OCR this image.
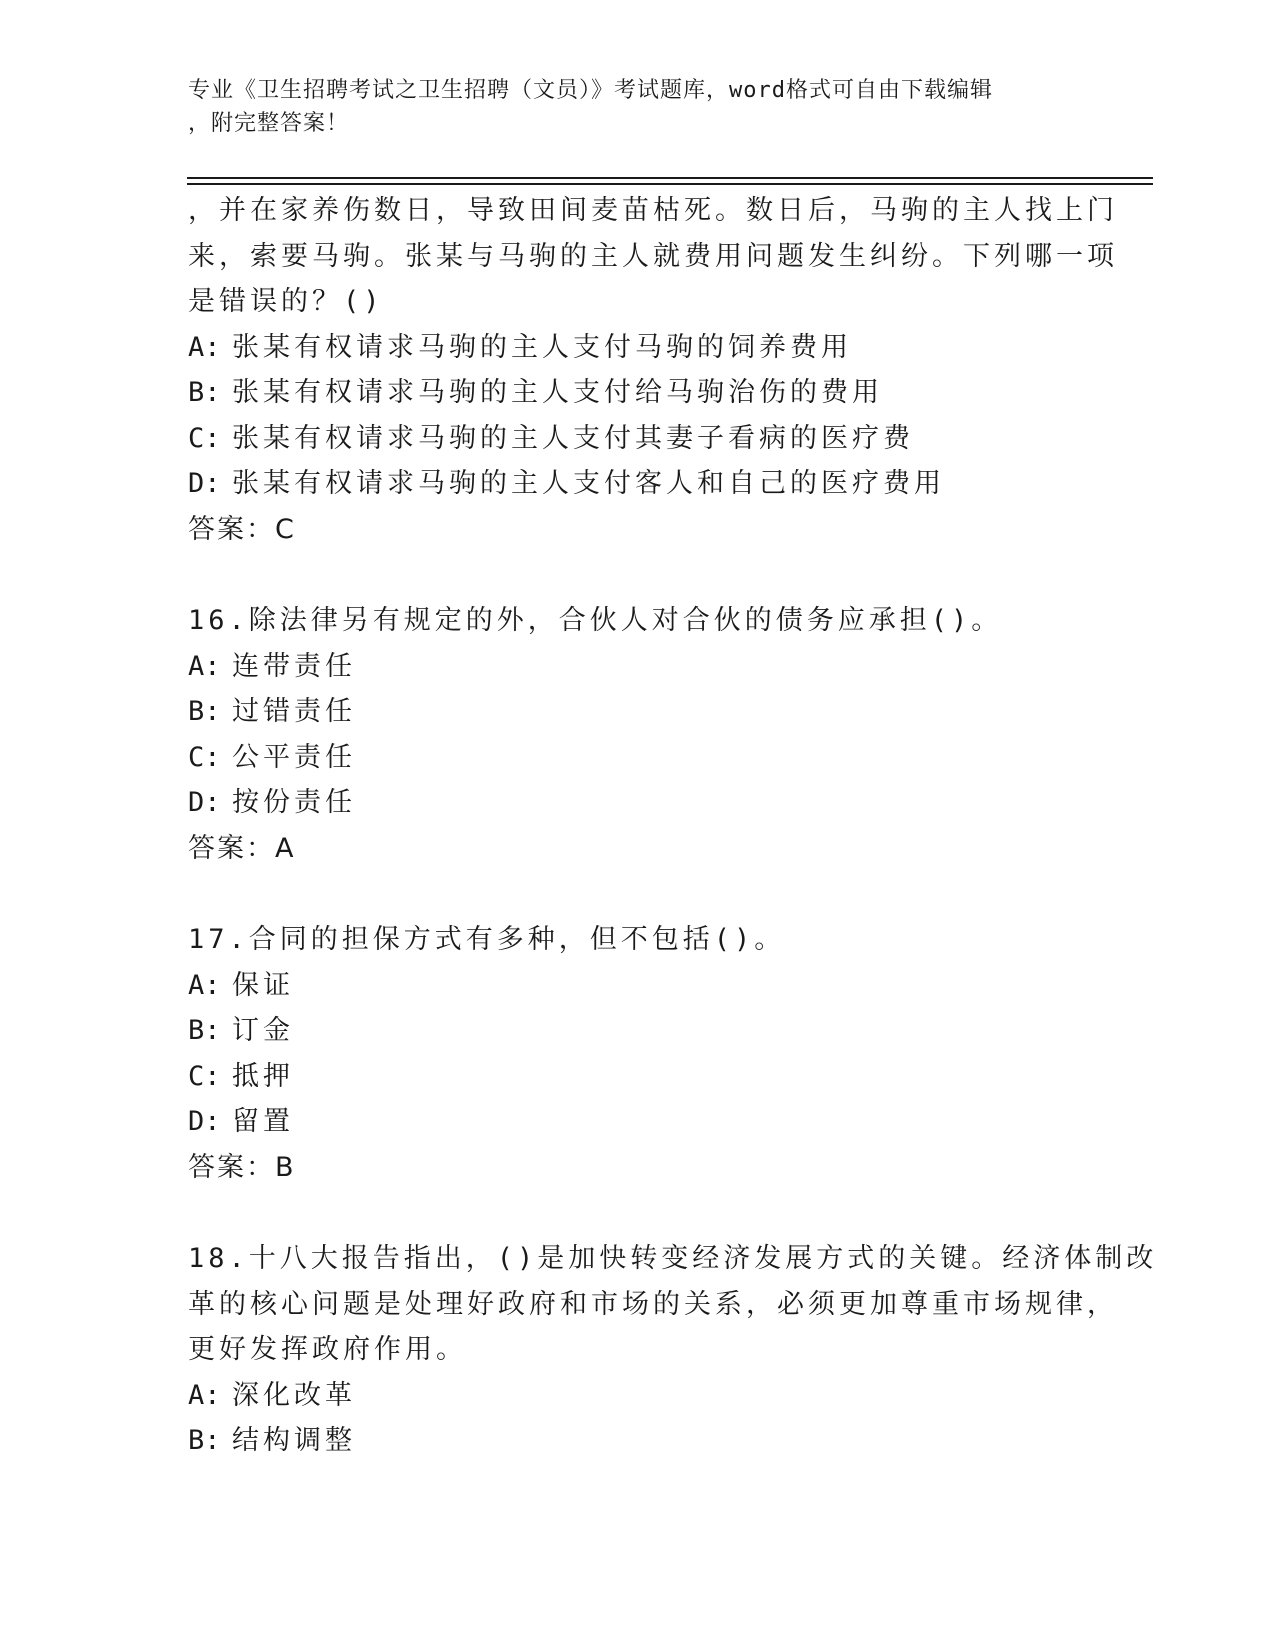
专业《卫生招聘考试之卫生招聘（文员）》考试题库，word格式可自由下载编辑
，附完整答案！
，并在家养伤数日，导致田间麦苗枯死。数日后，马驹的主人找上门
来，索要马驹。张某与马驹的主人就费用问题发生纠纷。下列哪一项
是错误的？()
A: 张某有权请求马驹的主人支付马驹的饲养费用
B: 张某有权请求马驹的主人支付给马驹治伤的费用
C: 张某有权请求马驹的主人支付其妻子看病的医疗费
D: 张某有权请求马驹的主人支付客人和自己的医疗费用
答案：C
16.除法律另有规定的外，合伙人对合伙的债务应承担()。
A: 连带责任
B: 过错责任
C: 公平责任
D: 按份责任
答案：A
17.合同的担保方式有多种，但不包括()。
A: 保证
B: 订金
C: 抵押
D: 留置
答案：B
18.十八大报告指出，()是加快转变经济发展方式的关键。经济体制改
革的核心问题是处理好政府和市场的关系，必须更加尊重市场规律，
更好发挥政府作用。
A: 深化改革
B: 结构调整
